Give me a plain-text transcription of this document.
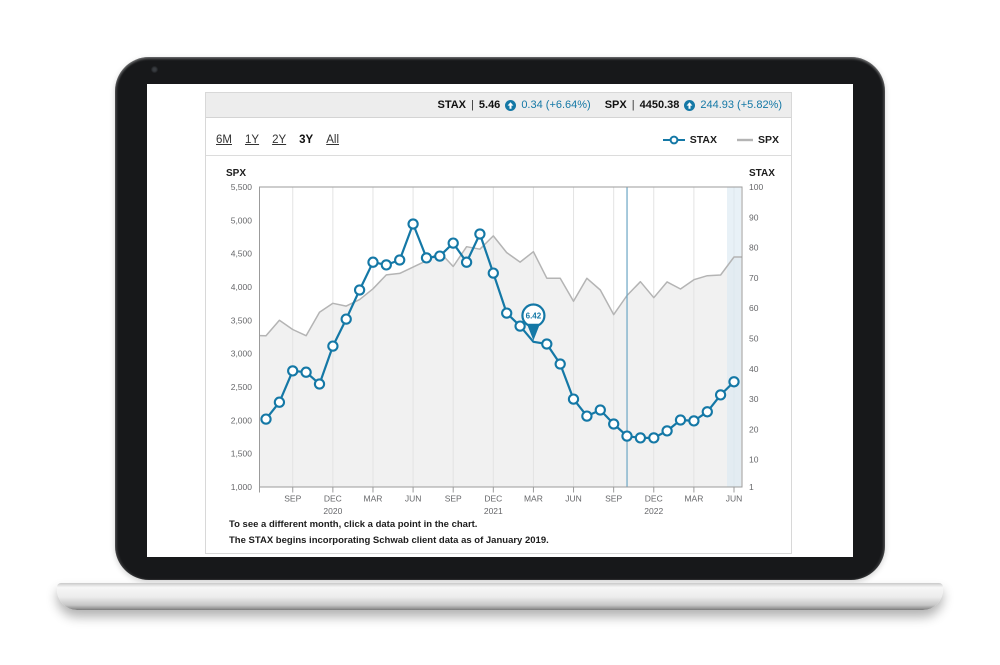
STAX | 5.46 0.34 (+6.64%) SPX | 4450.38 244.93 (+5.82%)
6M 1Y 2Y 3Y All	STAX	SPX
SEP	DEC
2020
MAR	JUN	SEP	DEC
2021
MAR	JUN	SEP	DEC
2022
MAR	JUN
5,500
5,000
4,500
4,000
3,500
3,000
2,500
2,000
1,500
1,000
100
90
80
70
60
50
40
30
20
10
1
SPX	STAX
6.42
To see a different month, click a data point in the chart.
The STAX begins incorporating Schwab client data as of January 2019.
